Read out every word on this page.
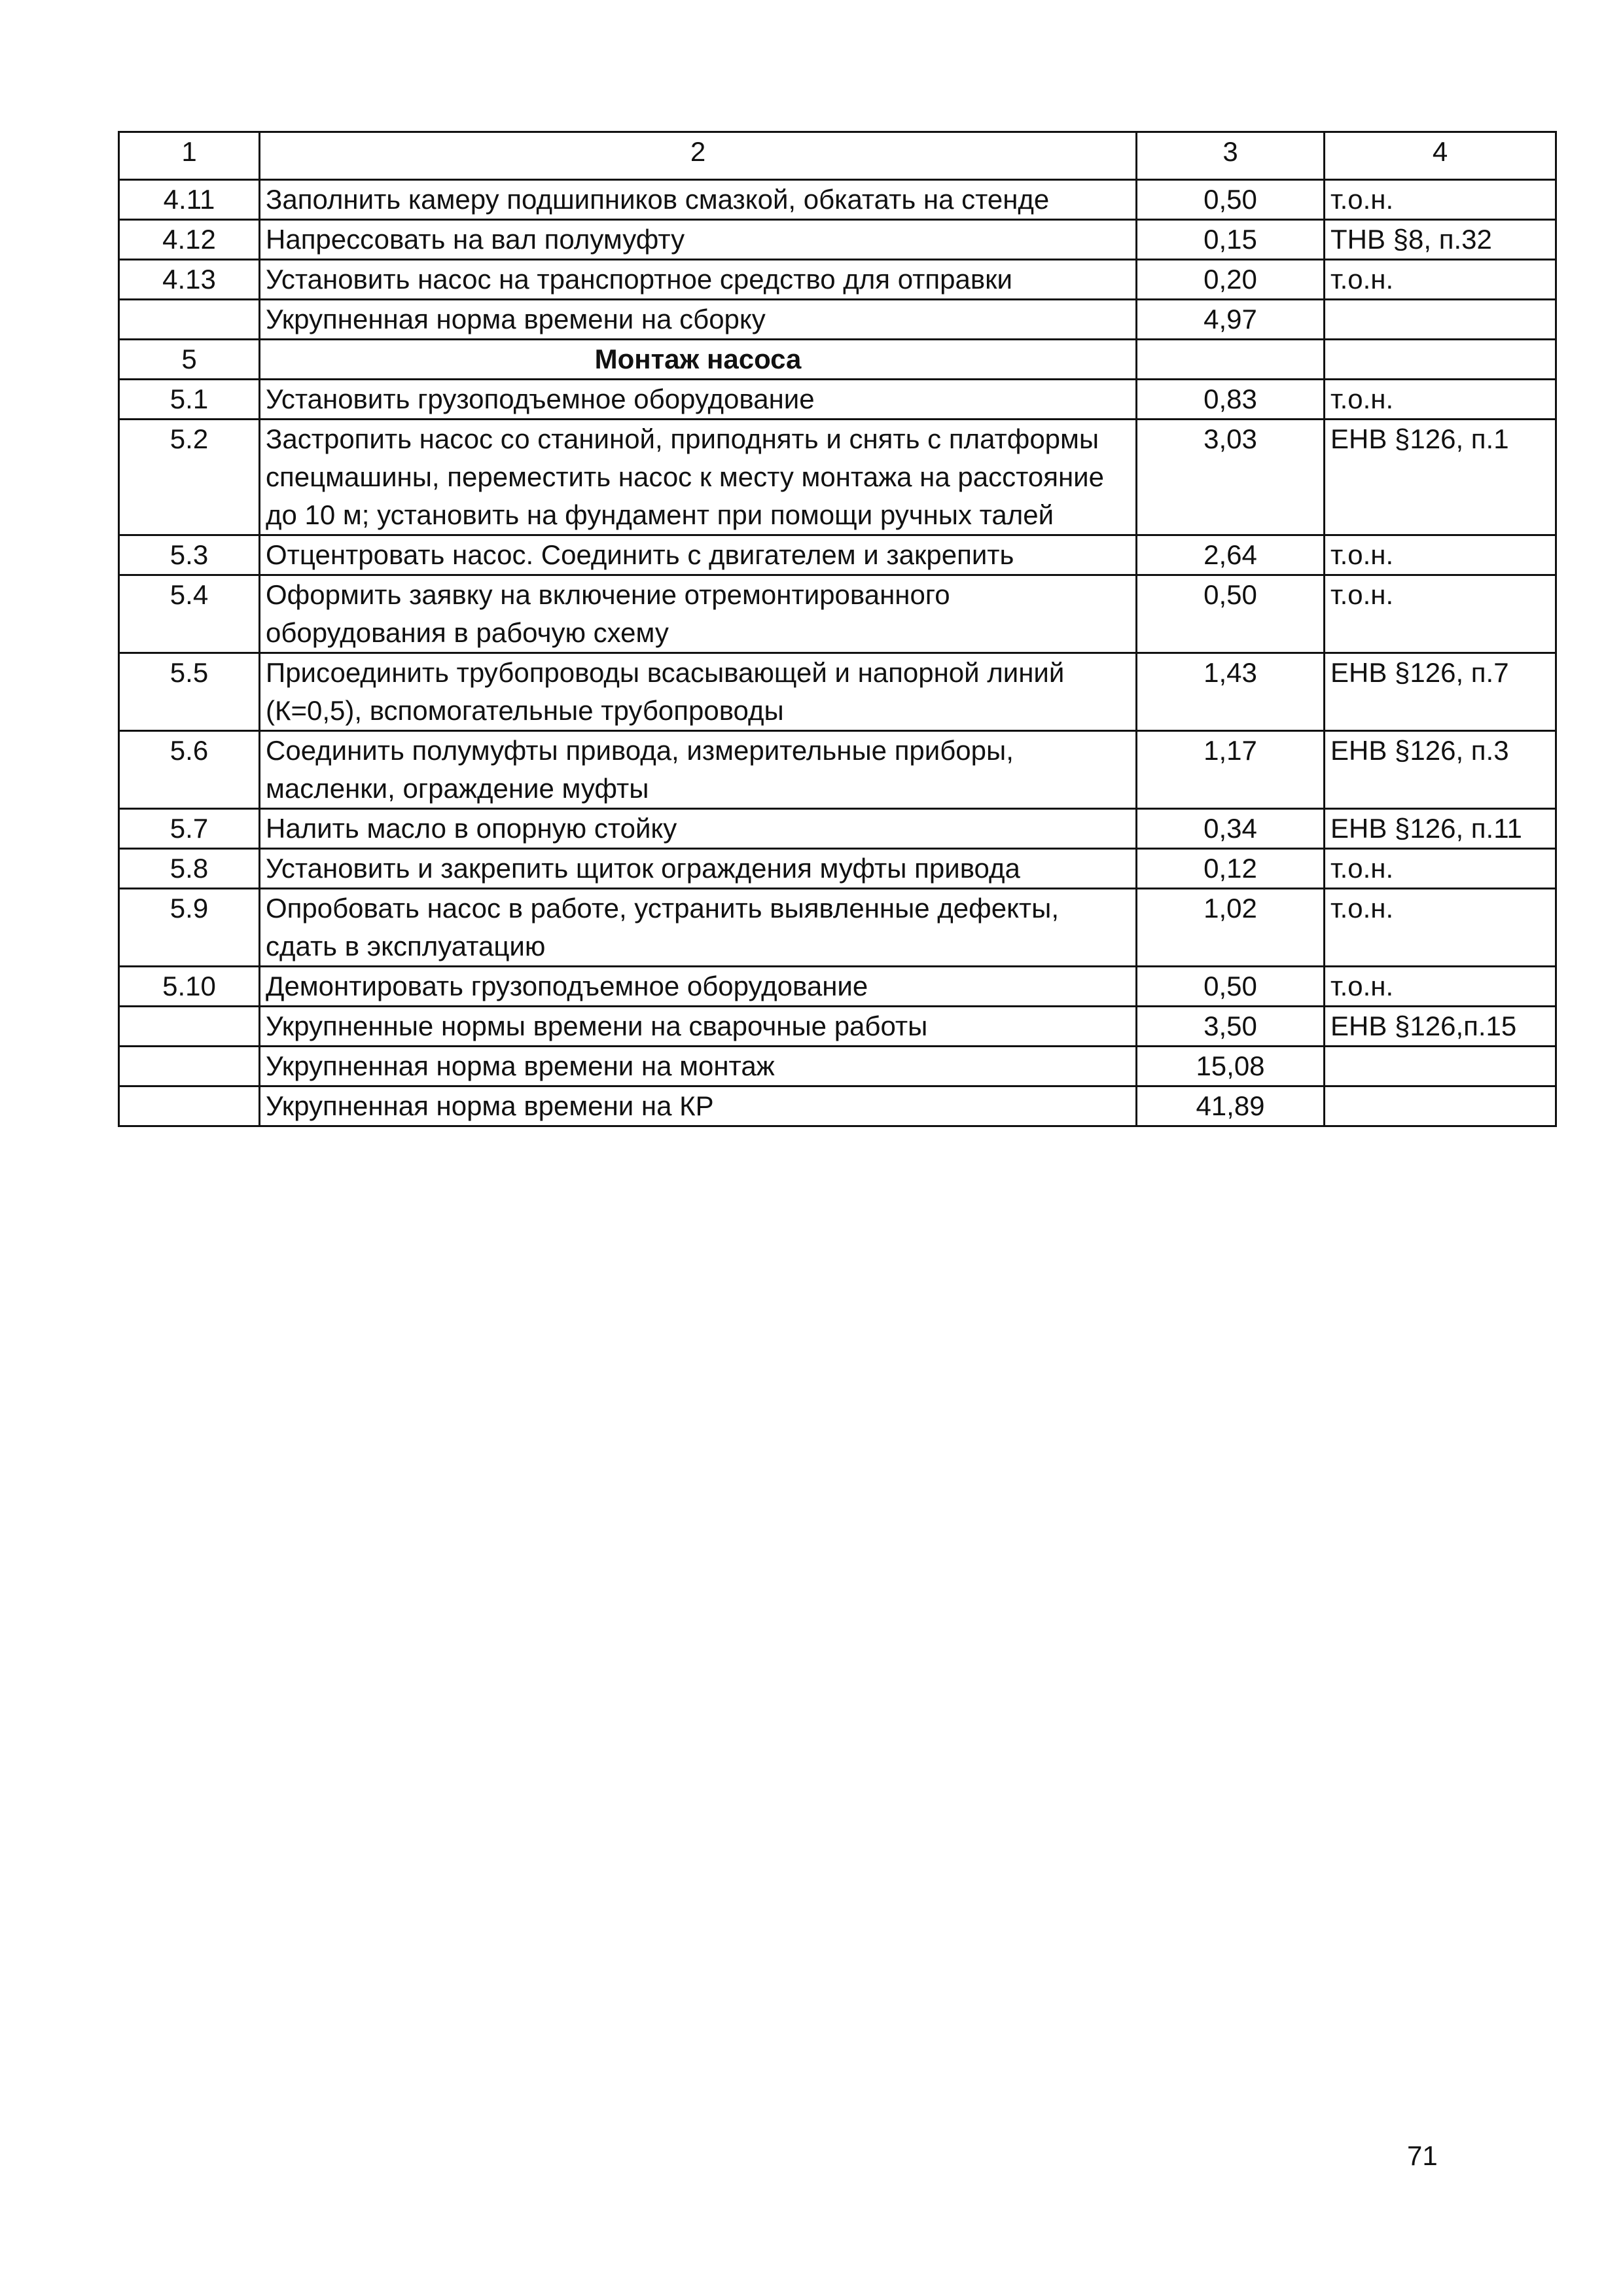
1	2	3	4
4.11	Заполнить камеру подшипников смазкой, обкатать на стенде	0,50	т.о.н.
4.12	Напрессовать на вал полумуфту	0,15	ТНВ §8, п.32
4.13	Установить насос на транспортное средство для отправки	0,20	т.о.н.
	Укрупненная норма времени на сборку	4,97	
5	Монтаж насоса		
5.1	Установить грузоподъемное оборудование	0,83	т.о.н.
5.2	Застропить насос со станиной, приподнять и снять с платформы спецмашины, переместить насос к месту монтажа на расстояние до 10 м; установить на фундамент при помощи ручных талей	3,03	ЕНВ §126, п.1
5.3	Отцентровать насос. Соединить с двигателем и закрепить	2,64	т.о.н.
5.4	Оформить заявку на включение отремонтированного оборудования в рабочую схему	0,50	т.о.н.
5.5	Присоединить трубопроводы всасывающей и напорной линий (К=0,5), вспомогательные трубопроводы	1,43	ЕНВ §126, п.7
5.6	Соединить полумуфты привода, измерительные приборы, масленки, ограждение муфты	1,17	ЕНВ §126, п.3
5.7	Налить масло в опорную стойку	0,34	ЕНВ §126, п.11
5.8	Установить и закрепить щиток ограждения муфты привода	0,12	т.о.н.
5.9	Опробовать насос в работе, устранить выявленные дефекты, сдать в эксплуатацию	1,02	т.о.н.
5.10	Демонтировать грузоподъемное оборудование	0,50	т.о.н.
	Укрупненные нормы времени на сварочные работы	3,50	ЕНВ §126,п.15
	Укрупненная норма времени на монтаж	15,08	
	Укрупненная норма времени на КР	41,89	
71
